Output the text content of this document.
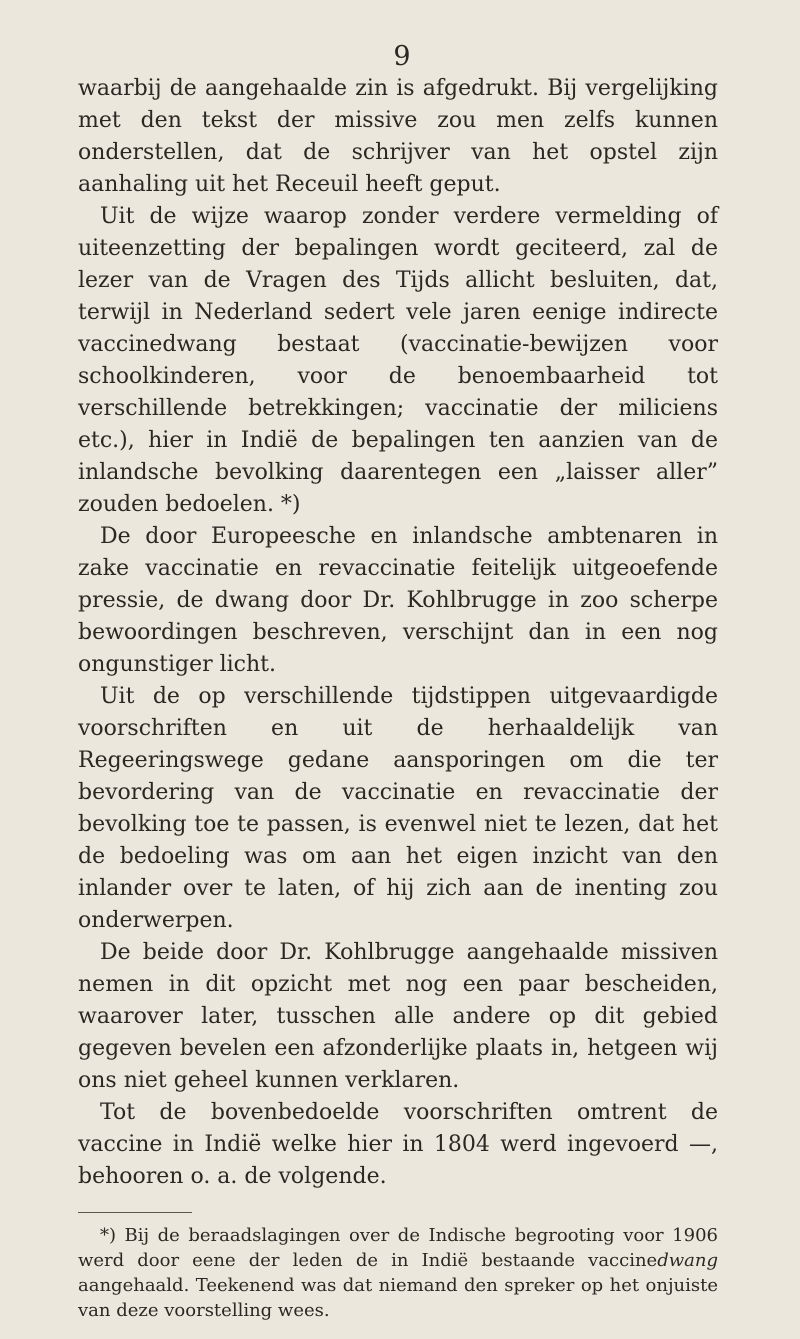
9

waarbij de aangehaalde zin is afgedrukt. Bij vergelijking met den tekst der missive zou men zelfs kunnen onderstellen, dat de schrijver van het opstel zijn aanhaling uit het Receuil heeft geput.

Uit de wijze waarop zonder verdere vermelding of uiteenzetting der bepalingen wordt geciteerd, zal de lezer van de Vragen des Tijds allicht besluiten, dat, terwijl in Nederland sedert vele jaren eenige indirecte vaccinedwang bestaat (vaccinatie-bewijzen voor schoolkinderen, voor de benoembaarheid tot verschillende betrekkingen; vaccinatie der miliciens etc.), hier in Indië de bepalingen ten aanzien van de inlandsche bevolking daarentegen een „laisser aller” zouden bedoelen. *)

De door Europeesche en inlandsche ambtenaren in zake vaccinatie en revaccinatie feitelijk uitgeoefende pressie, de dwang door Dr. Kohlbrugge in zoo scherpe bewoordingen beschreven, verschijnt dan in een nog ongunstiger licht.

Uit de op verschillende tijdstippen uitgevaardigde voorschriften en uit de herhaaldelijk van Regeeringswege gedane aansporingen om die ter bevordering van de vaccinatie en revaccinatie der bevolking toe te passen, is evenwel niet te lezen, dat het de bedoeling was om aan het eigen inzicht van den inlander over te laten, of hij zich aan de inenting zou onderwerpen.

De beide door Dr. Kohlbrugge aangehaalde missiven nemen in dit opzicht met nog een paar bescheiden, waarover later, tusschen alle andere op dit gebied gegeven bevelen een afzonderlijke plaats in, hetgeen wij ons niet geheel kunnen verklaren.

Tot de bovenbedoelde voorschriften omtrent de vaccine in Indië welke hier in 1804 werd ingevoerd —, behooren o. a. de volgende.

*) Bij de beraadslagingen over de Indische begrooting voor 1906 werd door eene der leden de in Indië bestaande vaccinedwang aangehaald. Teekenend was dat niemand den spreker op het onjuiste van deze voorstelling wees.
